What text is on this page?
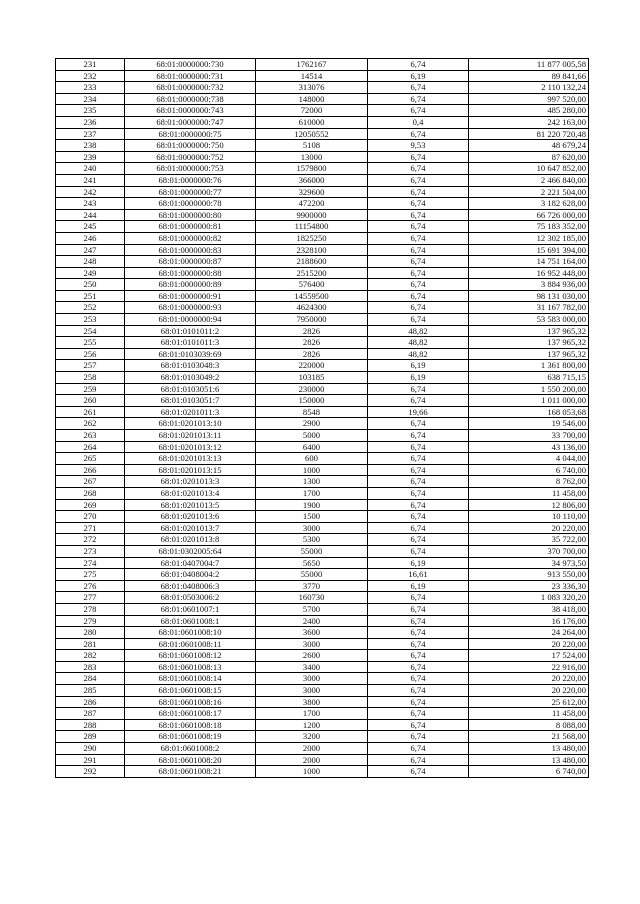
231	68:01:0000000:730	1762167	6,74	11 877 005,58
232	68:01:0000000:731	14514	6,19	89 841,66
233	68:01:0000000:732	313076	6,74	2 110 132,24
234	68:01:0000000:738	148000	6,74	997 520,00
235	68:01:0000000:743	72000	6,74	485 280,00
236	68:01:0000000:747	610000	0,4	242 163,00
237	68:01:0000000:75	12050552	6,74	81 220 720,48
238	68:01:0000000:750	5108	9,53	48 679,24
239	68:01:0000000:752	13000	6,74	87 620,00
240	68:01:0000000:753	1579800	6,74	10 647 852,00
241	68:01:0000000:76	366000	6,74	2 466 840,00
242	68:01:0000000:77	329600	6,74	2 221 504,00
243	68:01:0000000:78	472200	6,74	3 182 628,00
244	68:01:0000000:80	9900000	6,74	66 726 000,00
245	68:01:0000000:81	11154800	6,74	75 183 352,00
246	68:01:0000000:82	1825250	6,74	12 302 185,00
247	68:01:0000000:83	2328100	6,74	15 691 394,00
248	68:01:0000000:87	2188600	6,74	14 751 164,00
249	68:01:0000000:88	2515200	6,74	16 952 448,00
250	68:01:0000000:89	576400	6,74	3 884 936,00
251	68:01:0000000:91	14559500	6,74	98 131 030,00
252	68:01:0000000:93	4624300	6,74	31 167 782,00
253	68:01:0000000:94	7950000	6,74	53 583 000,00
254	68:01:0101011:2	2826	48,82	137 965,32
255	68:01:0101011:3	2826	48,82	137 965,32
256	68:01:0103039:69	2826	48,82	137 965,32
257	68:01:0103048:3	220000	6,19	1 361 800,00
258	68:01:0103049:2	103185	6,19	638 715,15
259	68:01:0103051:6	230000	6,74	1 550 200,00
260	68:01:0103051:7	150000	6,74	1 011 000,00
261	68:01:0201011:3	8548	19,66	168 053,68
262	68:01:0201013:10	2900	6,74	19 546,00
263	68:01:0201013:11	5000	6,74	33 700,00
264	68:01:0201013:12	6400	6,74	43 136,00
265	68:01:0201013:13	600	6,74	4 044,00
266	68:01:0201013:15	1000	6,74	6 740,00
267	68:01:0201013:3	1300	6,74	8 762,00
268	68:01:0201013:4	1700	6,74	11 458,00
269	68:01:0201013:5	1900	6,74	12 806,00
270	68:01:0201013:6	1500	6,74	10 110,00
271	68:01:0201013:7	3000	6,74	20 220,00
272	68:01:0201013:8	5300	6,74	35 722,00
273	68:01:0302005:64	55000	6,74	370 700,00
274	68:01:0407004:7	5650	6,19	34 973,50
275	68:01:0408004:2	55000	16,61	913 550,00
276	68:01:0408006:3	3770	6,19	23 336,30
277	68:01:0503006:2	160730	6,74	1 083 320,20
278	68:01:0601007:1	5700	6,74	38 418,00
279	68:01:0601008:1	2400	6,74	16 176,00
280	68:01:0601008:10	3600	6,74	24 264,00
281	68:01:0601008:11	3000	6,74	20 220,00
282	68:01:0601008:12	2600	6,74	17 524,00
283	68:01:0601008:13	3400	6,74	22 916,00
284	68:01:0601008:14	3000	6,74	20 220,00
285	68:01:0601008:15	3000	6,74	20 220,00
286	68:01:0601008:16	3800	6,74	25 612,00
287	68:01:0601008:17	1700	6,74	11 458,00
288	68:01:0601008:18	1200	6,74	8 088,00
289	68:01:0601008:19	3200	6,74	21 568,00
290	68:01:0601008:2	2000	6,74	13 480,00
291	68:01:0601008:20	2000	6,74	13 480,00
292	68:01:0601008:21	1000	6,74	6 740,00
